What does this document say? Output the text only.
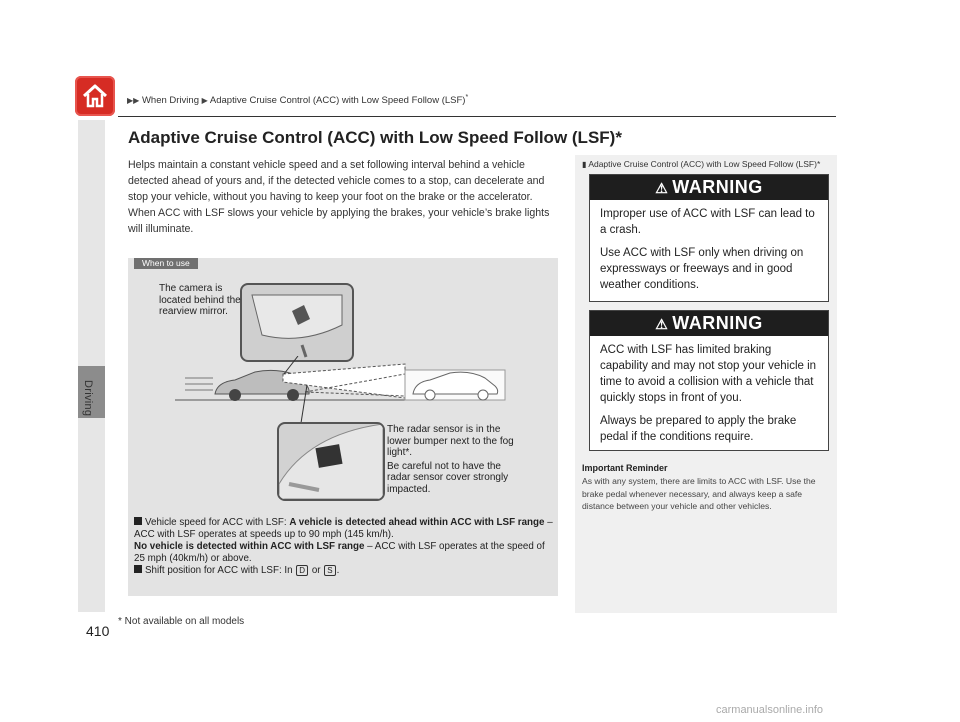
Driving
▶▶ When Driving ▶ Adaptive Cruise Control (ACC) with Low Speed Follow (LSF)*
Adaptive Cruise Control (ACC) with Low Speed Follow (LSF)*
Helps maintain a constant vehicle speed and a set following interval behind a vehicle detected ahead of yours and, if the detected vehicle comes to a stop, can decelerate and stop your vehicle, without you having to keep your foot on the brake or the accelerator.
When ACC with LSF slows your vehicle by applying the brakes, your vehicle’s brake lights will illuminate.
When to use
The camera is located behind the rearview mirror.
The radar sensor is in the lower bumper next to the fog light*.
Be careful not to have the radar sensor cover strongly impacted.
Vehicle speed for ACC with LSF: A vehicle is detected ahead within ACC with LSF range – ACC with LSF operates at speeds up to 90 mph (145 km/h).
No vehicle is detected within ACC with LSF range – ACC with LSF operates at the speed of 25 mph (40km/h) or above.
Shift position for ACC with LSF: In D or S .
▮ Adaptive Cruise Control (ACC) with Low Speed Follow (LSF)*
⚠ WARNING

Improper use of ACC with LSF can lead to a crash.

Use ACC with LSF only when driving on expressways or freeways and in good weather conditions.

⚠ WARNING

ACC with LSF has limited braking capability and may not stop your vehicle in time to avoid a collision with a vehicle that quickly stops in front of you.

Always be prepared to apply the brake pedal if the conditions require.

Important Reminder
As with any system, there are limits to ACC with LSF. Use the brake pedal whenever necessary, and always keep a safe distance between your vehicle and other vehicles.
410
* Not available on all models
carmanualsonline.info
